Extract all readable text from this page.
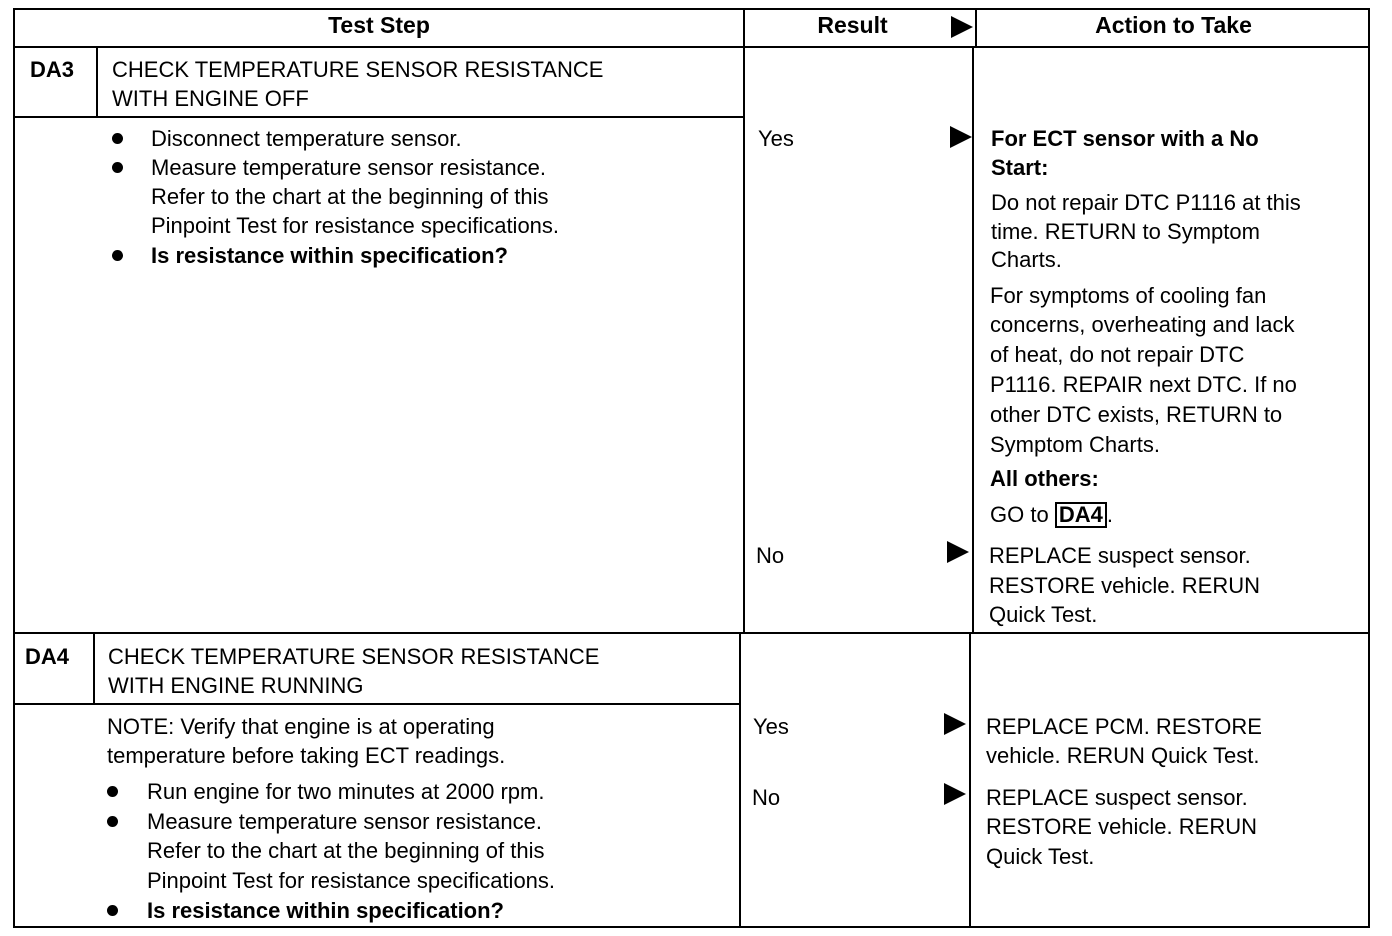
Test Step	Result	Action to Take
DA3 CHECK TEMPERATURE SENSOR RESISTANCE
WITH ENGINE OFF
Disconnect temperature sensor.
Measure temperature sensor resistance.
Refer to the chart at the beginning of this
Pinpoint Test for resistance specifications.
Is resistance within specification?
Yes	For ECT sensor with a No
Start:
Do not repair DTC P1116 at this
time. RETURN to Symptom
Charts.
For symptoms of cooling fan
concerns, overheating and lack
of heat, do not repair DTC
P1116. REPAIR next DTC. If no
other DTC exists, RETURN to
Symptom Charts.
All others:
GO to DA4 .
No	REPLACE suspect sensor.
RESTORE vehicle. RERUN
Quick Test.
DA4 CHECK TEMPERATURE SENSOR RESISTANCE
WITH ENGINE RUNNING
NOTE: Verify that engine is at operating
temperature before taking ECT readings.
Run engine for two minutes at 2000 rpm.
Measure temperature sensor resistance.
Refer to the chart at the beginning of this
Pinpoint Test for resistance specifications.
Is resistance within specification?
Yes	REPLACE PCM. RESTORE
vehicle. RERUN Quick Test.
No	REPLACE suspect sensor.
RESTORE vehicle. RERUN
Quick Test.
